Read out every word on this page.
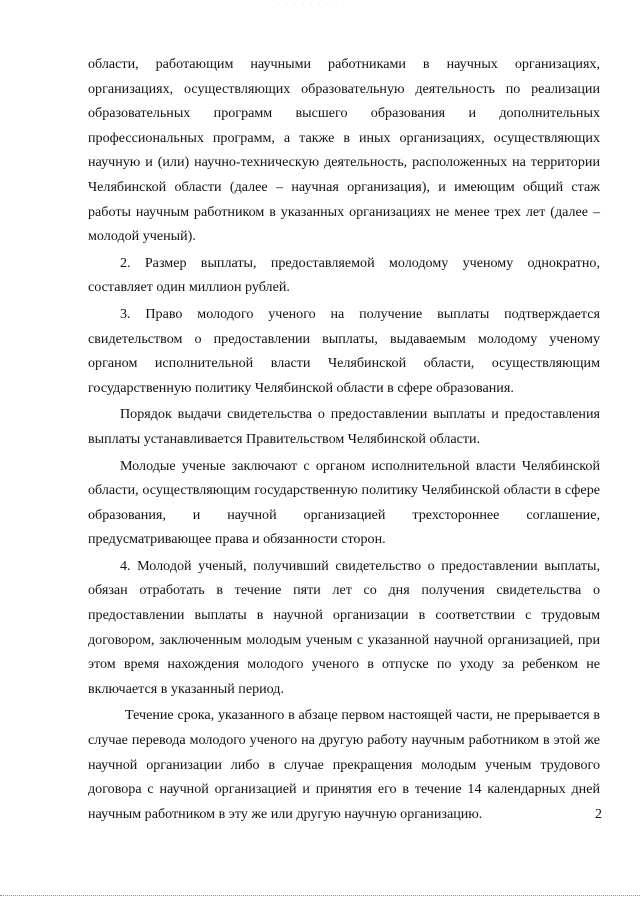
· · · · · · · · ·

области, работающим научными работниками в научных организациях, организациях, осуществляющих образовательную деятельность по реализации образовательных программ высшего образования и дополнительных профессиональных программ, а также в иных организациях, осуществляющих научную и (или) научно-техническую деятельность, расположенных на территории Челябинской области (далее – научная организация), и имеющим общий стаж работы научным работником в указанных организациях не менее трех лет (далее – молодой ученый).

2. Размер выплаты, предоставляемой молодому ученому однократно, составляет один миллион рублей.

3. Право молодого ученого на получение выплаты подтверждается свидетельством о предоставлении выплаты, выдаваемым молодому ученому органом исполнительной власти Челябинской области, осуществляющим государственную политику Челябинской области в сфере образования.

Порядок выдачи свидетельства о предоставлении выплаты и предоставления выплаты устанавливается Правительством Челябинской области.

Молодые ученые заключают с органом исполнительной власти Челябинской области, осуществляющим государственную политику Челябинской области в сфере образования, и научной организацией трехстороннее соглашение, предусматривающее права и обязанности сторон.

4. Молодой ученый, получивший свидетельство о предоставлении выплаты, обязан отработать в течение пяти лет со дня получения свидетельства о предоставлении выплаты в научной организации в соответствии с трудовым договором, заключенным молодым ученым с указанной научной организацией, при этом время нахождения молодого ученого в отпуске по уходу за ребенком не включается в указанный период.

Течение срока, указанного в абзаце первом настоящей части, не прерывается в случае перевода молодого ученого на другую работу научным работником в этой же научной организации либо в случае прекращения молодым ученым трудового договора с научной организацией и принятия его в течение 14 календарных дней научным работником в эту же или другую научную организацию.	2
